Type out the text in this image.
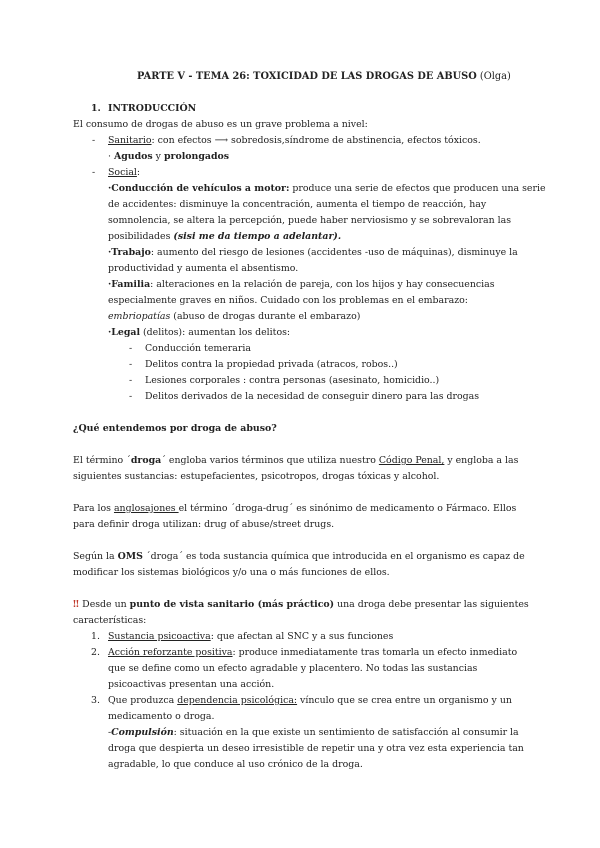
PARTE V - TEMA 26: TOXICIDAD DE LAS DROGAS DE ABUSO (Olga)
1. INTRODUCCIÓN
El consumo de drogas de abuso es un grave problema a nivel:
- Sanitario: con efectos ⟶ sobredosis,síndrome de abstinencia, efectos tóxicos.
· Agudos y prolongados
- Social:
·Conducción de vehículos a motor: produce una serie de efectos que producen una serie
de accidentes: disminuye la concentración, aumenta el tiempo de reacción, hay
somnolencia, se altera la percepción, puede haber nerviosismo y se sobrevaloran las
posibilidades (sisi me da tiempo a adelantar).
·Trabajo: aumento del riesgo de lesiones (accidentes -uso de máquinas), disminuye la
productividad y aumenta el absentismo.
·Familia: alteraciones en la relación de pareja, con los hijos y hay consecuencias
especialmente graves en niños. Cuidado con los problemas en el embarazo:
embriopatías (abuso de drogas durante el embarazo)
·Legal (delitos): aumentan los delitos:
- Conducción temeraria
- Delitos contra la propiedad privada (atracos, robos..)
- Lesiones corporales : contra personas (asesinato, homicidio..)
- Delitos derivados de la necesidad de conseguir dinero para las drogas
¿Qué entendemos por droga de abuso?
El término ´droga´ engloba varios términos que utiliza nuestro Código Penal, y engloba a las
siguientes sustancias: estupefacientes, psicotropos, drogas tóxicas y alcohol.
Para los anglosajones el término ´droga-drug´ es sinónimo de medicamento o Fármaco. Ellos
para definir droga utilizan: drug of abuse/street drugs.
Según la OMS ´droga´ es toda sustancia química que introducida en el organismo es capaz de
modificar los sistemas biológicos y/o una o más funciones de ellos.
‼ Desde un punto de vista sanitario (más práctico) una droga debe presentar las siguientes
características:
1. Sustancia psicoactiva: que afectan al SNC y a sus funciones
2. Acción reforzante positiva: produce inmediatamente tras tomarla un efecto inmediato
que se define como un efecto agradable y placentero. No todas las sustancias
psicoactivas presentan una acción.
3. Que produzca dependencia psicológica: vínculo que se crea entre un organismo y un
medicamento o droga.
-Compulsión: situación en la que existe un sentimiento de satisfacción al consumir la
droga que despierta un deseo irresistible de repetir una y otra vez esta experiencia tan
agradable, lo que conduce al uso crónico de la droga.
